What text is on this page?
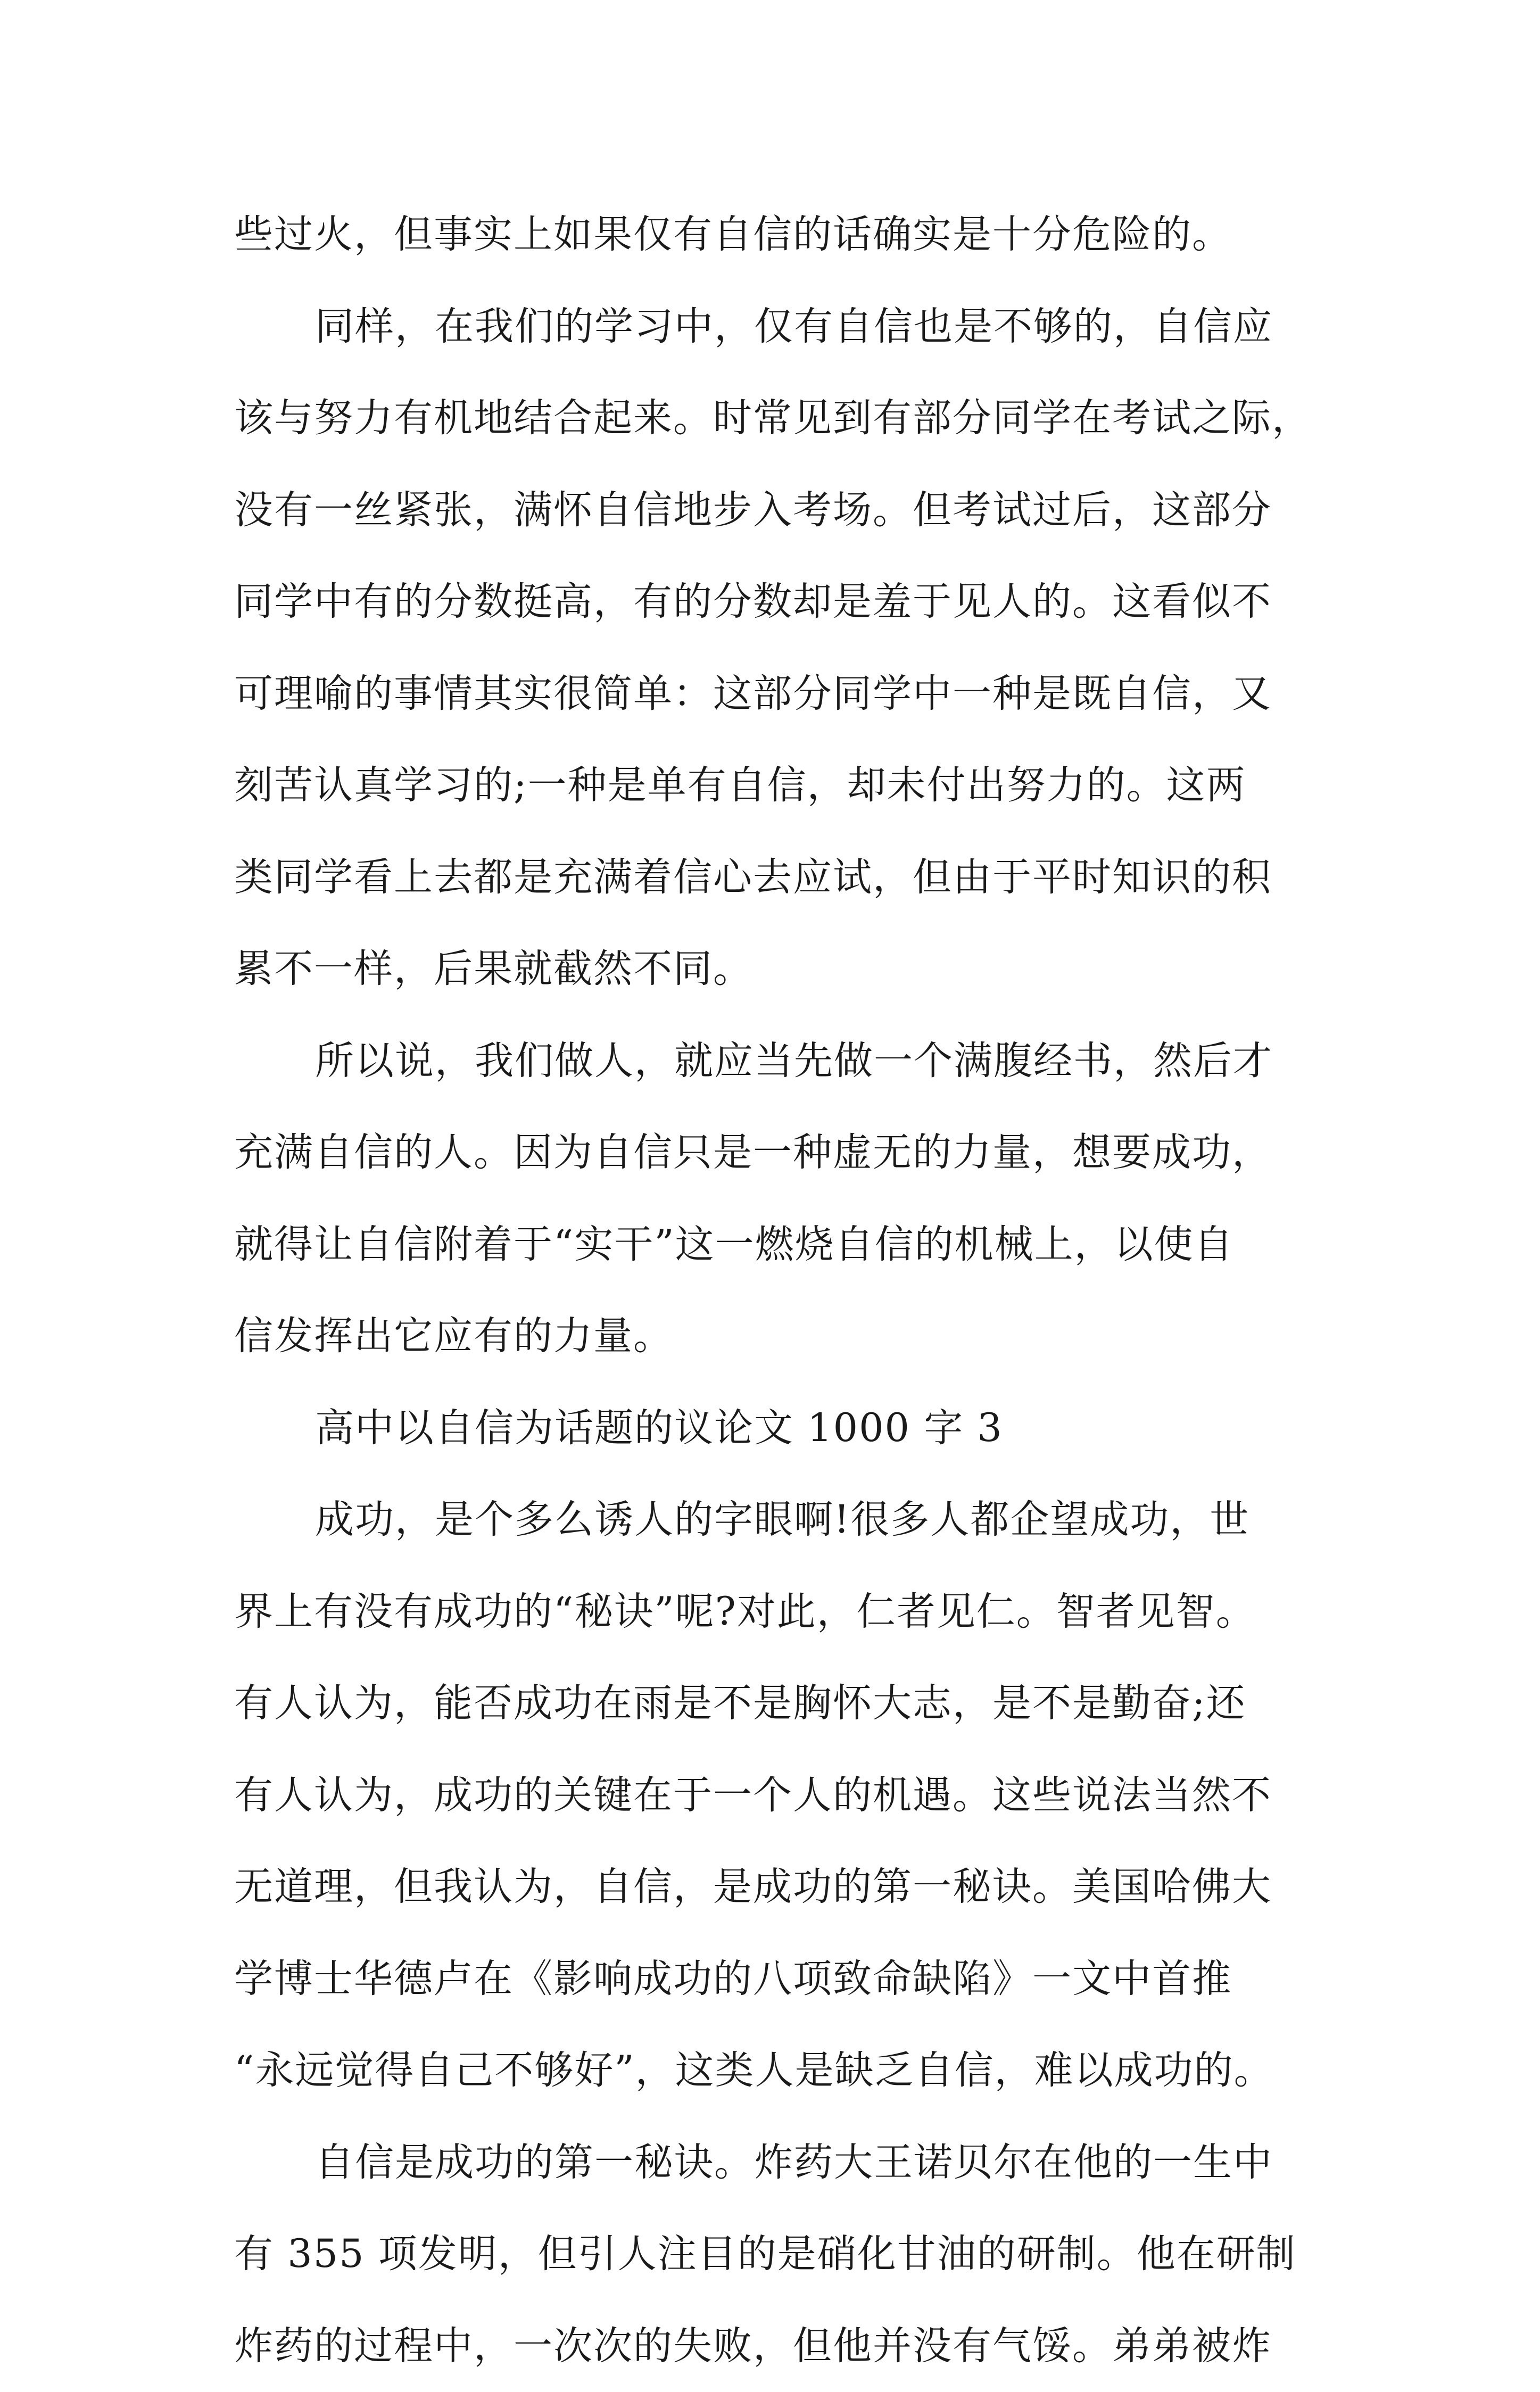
些过火，但事实上如果仅有自信的话确实是十分危险的。
同样，在我们的学习中，仅有自信也是不够的，自信应
该与努力有机地结合起来。时常见到有部分同学在考试之际，
没有一丝紧张，满怀自信地步入考场。但考试过后，这部分
同学中有的分数挺高，有的分数却是羞于见人的。这看似不
可理喻的事情其实很简单：这部分同学中一种是既自信，又
刻苦认真学习的;一种是单有自信，却未付出努力的。这两
类同学看上去都是充满着信心去应试，但由于平时知识的积
累不一样，后果就截然不同。
所以说，我们做人，就应当先做一个满腹经书，然后才
充满自信的人。因为自信只是一种虚无的力量，想要成功，
就得让自信附着于“实干”这一燃烧自信的机械上，以使自
信发挥出它应有的力量。
高中以自信为话题的议论文 1000 字 3
成功，是个多么诱人的字眼啊!很多人都企望成功，世
界上有没有成功的“秘诀”呢?对此，仁者见仁。智者见智。
有人认为，能否成功在雨是不是胸怀大志，是不是勤奋;还
有人认为，成功的关键在于一个人的机遇。这些说法当然不
无道理，但我认为，自信，是成功的第一秘诀。美国哈佛大
学博士华德卢在《影响成功的八项致命缺陷》一文中首推
“永远觉得自己不够好”，这类人是缺乏自信，难以成功的。
自信是成功的第一秘诀。炸药大王诺贝尔在他的一生中
有 355 项发明，但引人注目的是硝化甘油的研制。他在研制
炸药的过程中，一次次的失败，但他并没有气馁。弟弟被炸
